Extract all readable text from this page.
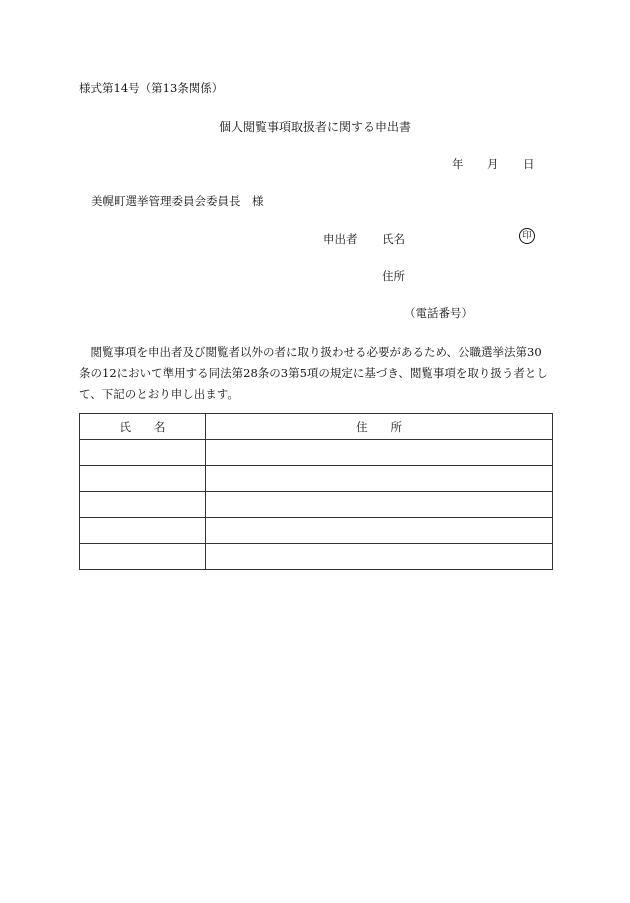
様式第14号（第13条関係）
個人閲覧事項取扱者に関する申出書
年 月 日
美幌町選挙管理委員会委員長　様
申出者 氏名	印
住所
（電話番号）
　閲覧事項を申出者及び閲覧者以外の者に取り扱わせる必要があるため、公職選挙法第30
条の12において準用する同法第28条の3第5項の規定に基づき、閲覧事項を取り扱う者とし
て、下記のとおり申し出ます。
氏　　名	住　　所
